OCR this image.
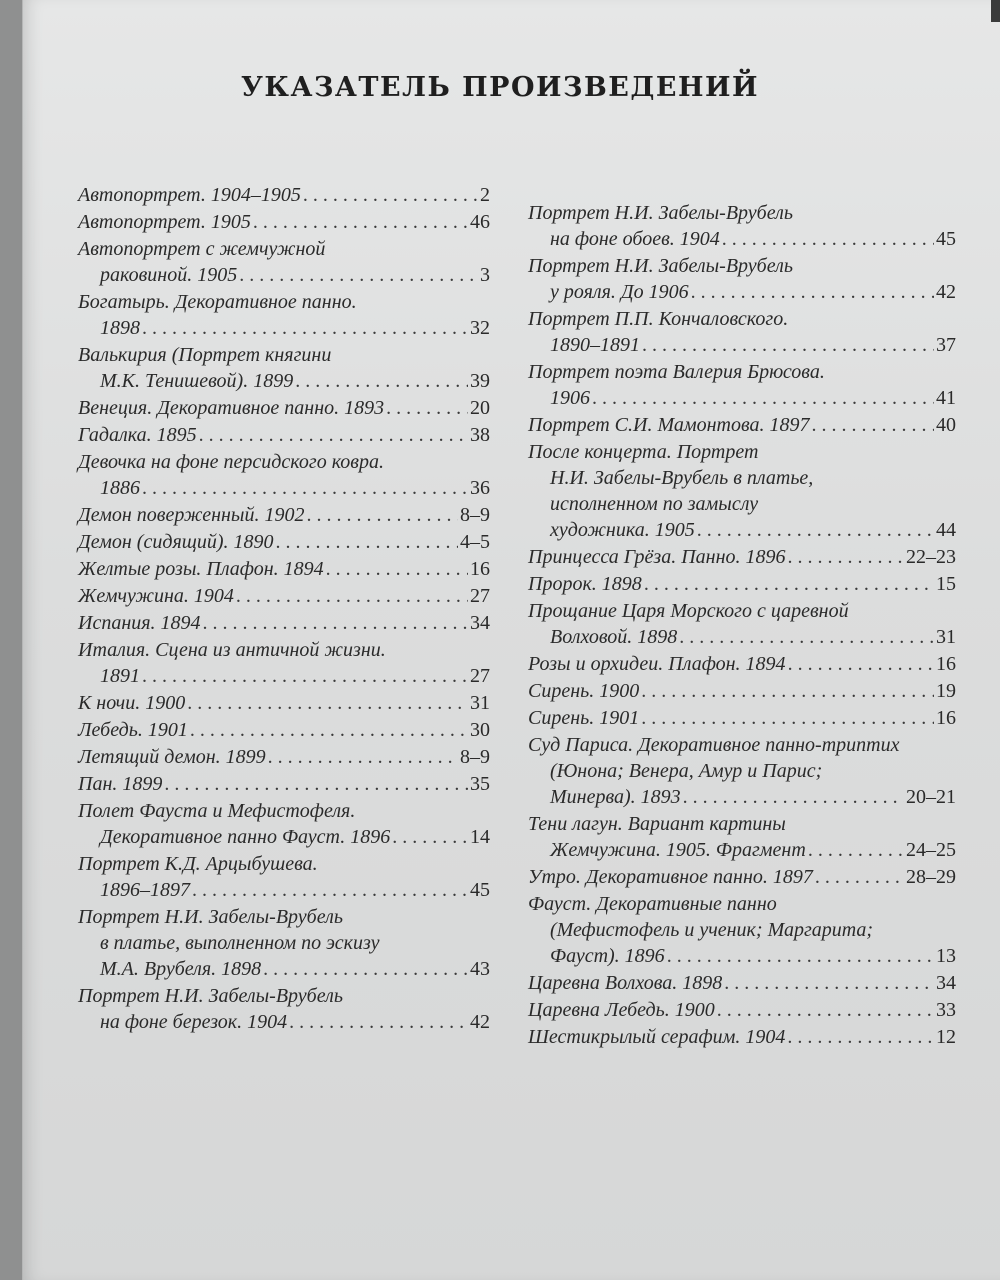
УКАЗАТЕЛЬ ПРОИЗВЕДЕНИЙ
Автопортрет. 1904–1905 . . .	2
Автопортрет. 1905 . . .	46
Автопортрет с жемчужной
раковиной. 1905 . . .	3
Богатырь. Декоративное панно.
1898 . . .	32
Валькирия (Портрет княгини
М.К. Тенишевой). 1899 . . .	39
Венеция. Декоративное панно. 1893 . . .	20
Гадалка. 1895 . . .	38
Девочка на фоне персидского ковра.
1886 . . .	36
Демон поверженный. 1902 . . .	8–9
Демон (сидящий). 1890 . . .	4–5
Желтые розы. Плафон. 1894 . . .	16
Жемчужина. 1904 . . .	27
Испания. 1894 . . .	34
Италия. Сцена из античной жизни.
1891 . . .	27
К ночи. 1900 . . .	31
Лебедь. 1901 . . .	30
Летящий демон. 1899 . . .	8–9
Пан. 1899 . . .	35
Полет Фауста и Мефистофеля.
Декоративное панно Фауст. 1896 . . .	14
Портрет К.Д. Арцыбушева.
1896–1897 . . .	45
Портрет Н.И. Забелы-Врубель
в платье, выполненном по эскизу
М.А. Врубеля. 1898 . . .	43
Портрет Н.И. Забелы-Врубель
на фоне березок. 1904 . . .	42
Портрет Н.И. Забелы-Врубель
на фоне обоев. 1904 . . .	45
Портрет Н.И. Забелы-Врубель
у рояля. До 1906 . . .	42
Портрет П.П. Кончаловского.
1890–1891 . . .	37
Портрет поэта Валерия Брюсова.
1906 . . .	41
Портрет С.И. Мамонтова. 1897 . . .	40
После концерта. Портрет
Н.И. Забелы-Врубель в платье,
исполненном по замыслу
художника. 1905 . . .	44
Принцесса Грёза. Панно. 1896 . . .	22–23
Пророк. 1898 . . .	15
Прощание Царя Морского с царевной
Волховой. 1898 . . .	31
Розы и орхидеи. Плафон. 1894 . . .	16
Сирень. 1900 . . .	19
Сирень. 1901 . . .	16
Суд Париса. Декоративное панно-триптих
(Юнона; Венера, Амур и Парис;
Минерва). 1893 . . .	20–21
Тени лагун. Вариант картины
Жемчужина. 1905. Фрагмент . . .	24–25
Утро. Декоративное панно. 1897 . . .	28–29
Фауст. Декоративные панно
(Мефистофель и ученик; Маргарита;
Фауст). 1896 . . .	13
Царевна Волхова. 1898 . . .	34
Царевна Лебедь. 1900 . . .	33
Шестикрылый серафим. 1904 . . .	12
